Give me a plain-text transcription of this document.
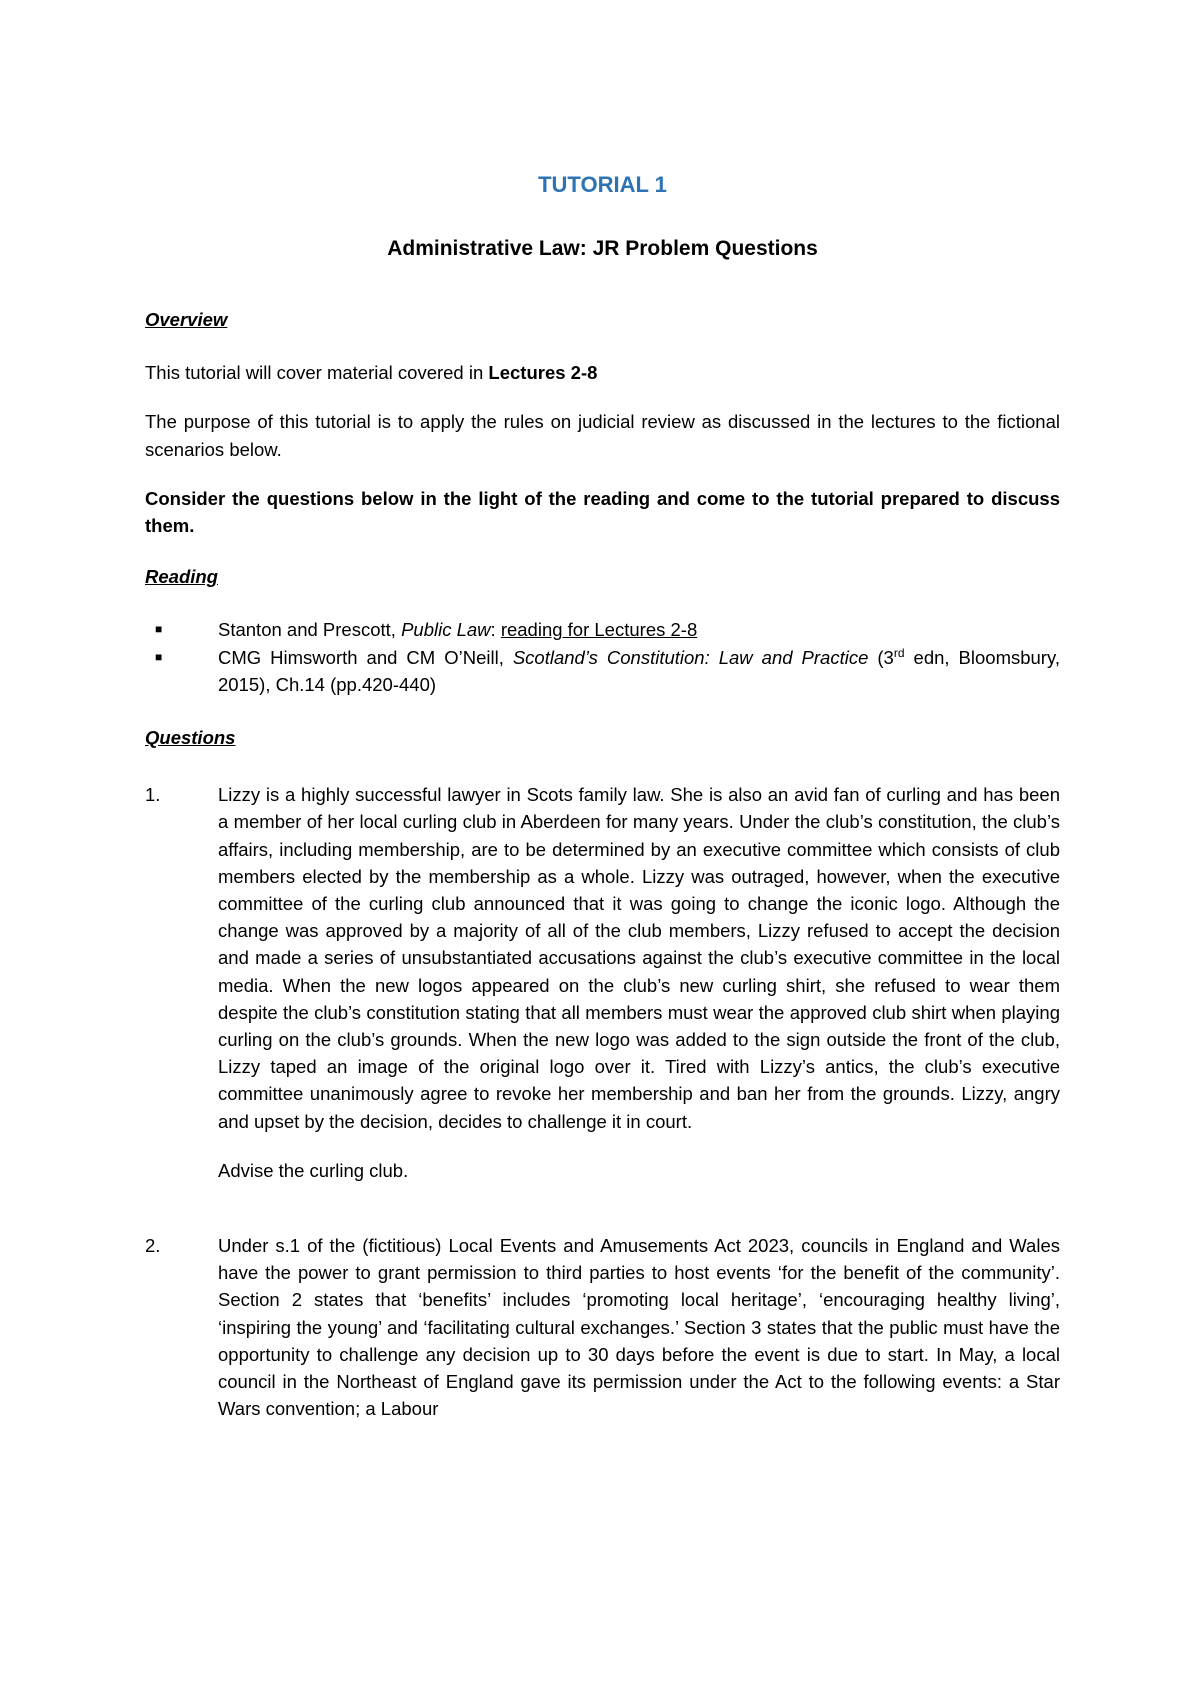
TUTORIAL 1

Administrative Law: JR Problem Questions

Overview

This tutorial will cover material covered in Lectures 2-8

The purpose of this tutorial is to apply the rules on judicial review as discussed in the lectures to the fictional scenarios below.

Consider the questions below in the light of the reading and come to the tutorial prepared to discuss them.

Reading

■	Stanton and Prescott, Public Law: reading for Lectures 2-8
■	CMG Himsworth and CM O’Neill, Scotland’s Constitution: Law and Practice (3rd edn, Bloomsbury, 2015), Ch.14 (pp.420-440)

Questions

1.	Lizzy is a highly successful lawyer in Scots family law. She is also an avid fan of curling and has been a member of her local curling club in Aberdeen for many years. Under the club’s constitution, the club’s affairs, including membership, are to be determined by an executive committee which consists of club members elected by the membership as a whole. Lizzy was outraged, however, when the executive committee of the curling club announced that it was going to change the iconic logo. Although the change was approved by a majority of all of the club members, Lizzy refused to accept the decision and made a series of unsubstantiated accusations against the club’s executive committee in the local media. When the new logos appeared on the club’s new curling shirt, she refused to wear them despite the club’s constitution stating that all members must wear the approved club shirt when playing curling on the club’s grounds. When the new logo was added to the sign outside the front of the club, Lizzy taped an image of the original logo over it. Tired with Lizzy’s antics, the club’s executive committee unanimously agree to revoke her membership and ban her from the grounds. Lizzy, angry and upset by the decision, decides to challenge it in court.

Advise the curling club.

2.	Under s.1 of the (fictitious) Local Events and Amusements Act 2023, councils in England and Wales have the power to grant permission to third parties to host events ‘for the benefit of the community’. Section 2 states that ‘benefits’ includes ‘promoting local heritage’, ‘encouraging healthy living’, ‘inspiring the young’ and ‘facilitating cultural exchanges.’ Section 3 states that the public must have the opportunity to challenge any decision up to 30 days before the event is due to start. In May, a local council in the Northeast of England gave its permission under the Act to the following events: a Star Wars convention; a Labour
